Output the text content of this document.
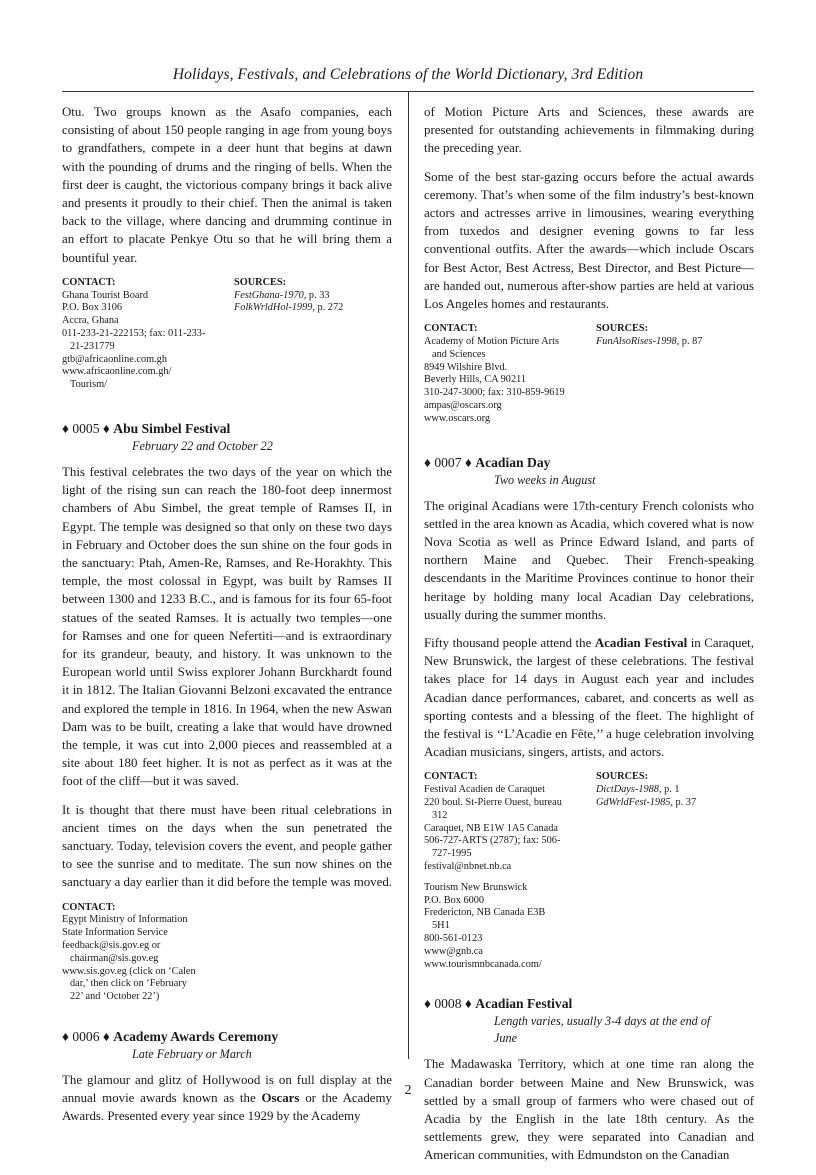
Holidays, Festivals, and Celebrations of the World Dictionary, 3rd Edition

Otu. Two groups known as the Asafo companies, each consisting of about 150 people ranging in age from young boys to grandfathers, compete in a deer hunt that begins at dawn with the pounding of drums and the ringing of bells. When the first deer is caught, the victorious company brings it back alive and presents it proudly to their chief. Then the animal is taken back to the village, where dancing and drumming continue in an effort to placate Penkye Otu so that he will bring them a bountiful year.

CONTACT:
Ghana Tourist Board
P.O. Box 3106
Accra, Ghana
011-233-21-222153; fax: 011-233-
21-231779
gtb@africaonline.com.gh
www.africaonline.com.gh/
Tourism/
SOURCES:
FestGhana-1970, p. 33
FolkWrldHol-1999, p. 272
♦ 0005 ♦ Abu Simbel Festival
February 22 and October 22

This festival celebrates the two days of the year on which the light of the rising sun can reach the 180-foot deep innermost chambers of Abu Simbel, the great temple of Ramses II, in Egypt. The temple was designed so that only on these two days in February and October does the sun shine on the four gods in the sanctuary: Ptah, Amen-Re, Ramses, and Re-Horakhty. This temple, the most colossal in Egypt, was built by Ramses II between 1300 and 1233 B.C., and is famous for its four 65-foot statues of the seated Ramses. It is actually two temples—one for Ramses and one for queen Nefertiti—and is extraordinary for its grandeur, beauty, and history. It was unknown to the European world until Swiss explorer Johann Burckhardt found it in 1812. The Italian Giovanni Belzoni excavated the entrance and explored the temple in 1816. In 1964, when the new Aswan Dam was to be built, creating a lake that would have drowned the temple, it was cut into 2,000 pieces and reassembled at a site about 180 feet higher. It is not as perfect as it was at the foot of the cliff—but it was saved.

It is thought that there must have been ritual celebrations in ancient times on the days when the sun penetrated the sanctuary. Today, television covers the event, and people gather to see the sunrise and to meditate. The sun now shines on the sanctuary a day earlier than it did before the temple was moved.

CONTACT:
Egypt Ministry of Information
State Information Service
feedback@sis.gov.eg or
chairman@sis.gov.eg
www.sis.gov.eg (click on ‘Calen
dar,’ then click on ‘February
22’ and ‘October 22’)
♦ 0006 ♦ Academy Awards Ceremony
Late February or March

The glamour and glitz of Hollywood is on full display at the annual movie awards known as the Oscars or the Academy Awards. Presented every year since 1929 by the Academy

of Motion Picture Arts and Sciences, these awards are presented for outstanding achievements in filmmaking during the preceding year.

Some of the best star-gazing occurs before the actual awards ceremony. That’s when some of the film industry’s best-known actors and actresses arrive in limousines, wearing everything from tuxedos and designer evening gowns to far less conventional outfits. After the awards—which include Oscars for Best Actor, Best Actress, Best Director, and Best Picture—are handed out, numerous after-show parties are held at various Los Angeles homes and restaurants.

CONTACT:
Academy of Motion Picture Arts
and Sciences
8949 Wilshire Blvd.
Beverly Hills, CA 90211
310-247-3000; fax: 310-859-9619
ampas@oscars.org
www.oscars.org
SOURCES:
FunAlsoRises-1998, p. 87
♦ 0007 ♦ Acadian Day
Two weeks in August

The original Acadians were 17th-century French colonists who settled in the area known as Acadia, which covered what is now Nova Scotia as well as Prince Edward Island, and parts of northern Maine and Quebec. Their French-speaking descendants in the Maritime Provinces continue to honor their heritage by holding many local Acadian Day celebrations, usually during the summer months.

Fifty thousand people attend the Acadian Festival in Caraquet, New Brunswick, the largest of these celebrations. The festival takes place for 14 days in August each year and includes Acadian dance performances, cabaret, and concerts as well as sporting contests and a blessing of the fleet. The highlight of the festival is ‘‘L’Acadie en Fête,’’ a huge celebration involving Acadian musicians, singers, artists, and actors.

CONTACT:
Festival Acadien de Caraquet
220 boul. St-Pierre Ouest, bureau
312
Caraquet, NB E1W 1A5 Canada
506-727-ARTS (2787); fax: 506-
727-1995
festival@nbnet.nb.ca
Tourism New Brunswick
P.O. Box 6000
Fredericton, NB Canada E3B
5H1
800-561-0123
www@gnb.ca
www.tourismnbcanada.com/
SOURCES:
DictDays-1988, p. 1
GdWrldFest-1985, p. 37
♦ 0008 ♦ Acadian Festival
Length varies, usually 3-4 days at the end of
June

The Madawaska Territory, which at one time ran along the Canadian border between Maine and New Brunswick, was settled by a small group of farmers who were chased out of Acadia by the English in the late 18th century. As the settlements grew, they were separated into Canadian and American communities, with Edmundston on the Canadian

2
